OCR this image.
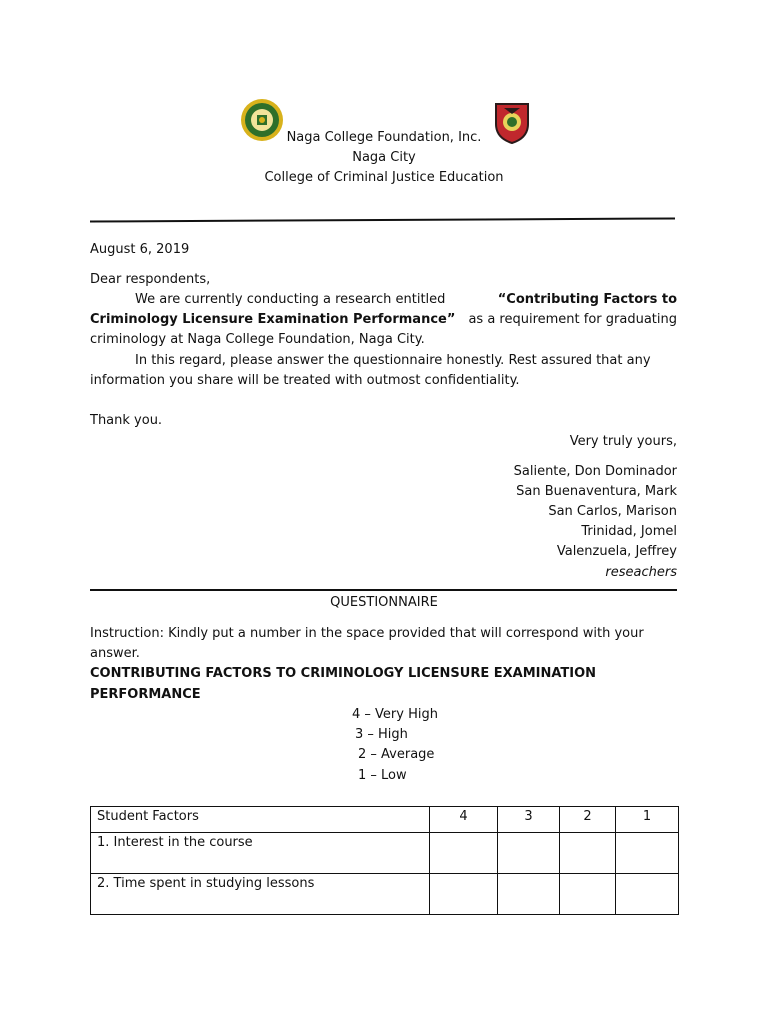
Naga College Foundation, Inc.
Naga City
College of Criminal Justice Education
August 6, 2019
Dear respondents,
We are currently conducting a research entitled	“Contributing Factors to
Criminology Licensure Examination Performance” as a requirement for graduating
criminology at Naga College Foundation, Naga City.
In this regard, please answer the questionnaire honestly. Rest assured that any
information you share will be treated with outmost confidentiality.
Thank you.
Very truly yours,
Saliente, Don Dominador
San Buenaventura, Mark
San Carlos, Marison
Trinidad, Jomel
Valenzuela, Jeffrey
reseachers
QUESTIONNAIRE
Instruction: Kindly put a number in the space provided that will correspond with your
answer.
CONTRIBUTING FACTORS TO CRIMINOLOGY LICENSURE EXAMINATION
PERFORMANCE
4 – Very High
3 – High
2 – Average
1 – Low
Student Factors	4	3	2	1
1. Interest in the course				
2. Time spent in studying lessons				
